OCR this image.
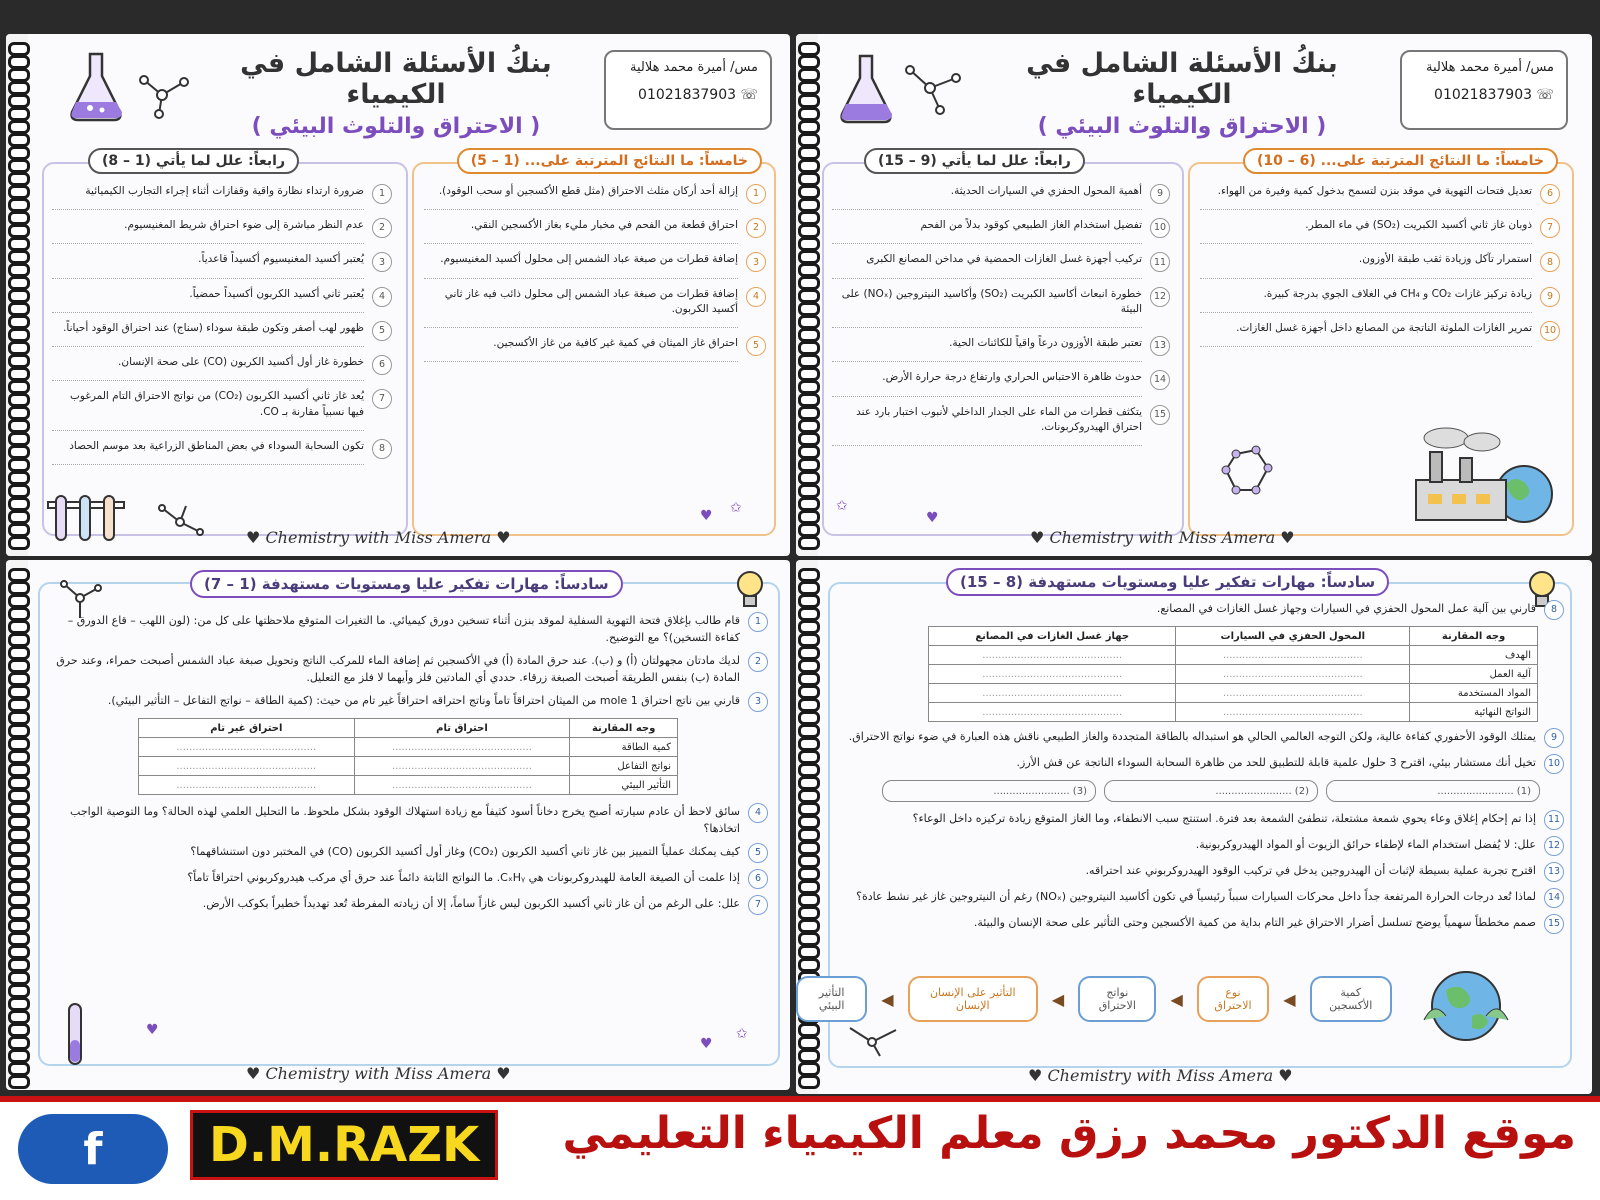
مس/ أميرة محمد هلالية
☏ 01021837903
بنكُ الأسئلة الشامل في الكيمياء
( الاحتراق والتلوث البيئي )
خامساً: ما النتائج المترتبة على... (1 – 5)
1
إزالة أحد أركان مثلث الاحتراق (مثل قطع الأكسجين أو سحب الوقود).
2
احتراق قطعة من الفحم في مخبار مليء بغاز الأكسجين النقي.
3
إضافة قطرات من صبغة عباد الشمس إلى محلول أكسيد المغنيسيوم.
4
إضافة قطرات من صبغة عباد الشمس إلى محلول ذائب فيه غاز ثاني أكسيد الكربون.
5
احتراق غاز الميثان في كمية غير كافية من غاز الأكسجين.
رابعاً: علل لما يأتي (1 – 8)
1
ضرورة ارتداء نظارة واقية وقفازات أثناء إجراء التجارب الكيميائية
2
عدم النظر مباشرة إلى ضوء احتراق شريط المغنيسيوم.
3
يُعتبر أكسيد المغنيسيوم أكسيداً قاعدياً.
4
يُعتبر ثاني أكسيد الكربون أكسيداً حمضياً.
5
ظهور لهب أصفر وتكون طبقة سوداء (سناج) عند احتراق الوقود أحياناً.
6
خطورة غاز أول أكسيد الكربون (CO) على صحة الإنسان.
7
يُعد غاز ثاني أكسيد الكربون (CO₂) من نواتج الاحتراق التام المرغوب فيها نسبياً مقارنة بـ CO.
8
تكون السحابة السوداء في بعض المناطق الزراعية بعد موسم الحصاد
♥ ✩
♥ Chemistry with Miss Amera ♥
مس/ أميرة محمد هلالية
☏ 01021837903
بنكُ الأسئلة الشامل في الكيمياء
( الاحتراق والتلوث البيئي )
خامساً: ما النتائج المترتبة على... (6 – 10)
6
تعديل فتحات التهوية في موقد بنزن لتسمح بدخول كمية وفيرة من الهواء.
7
ذوبان غاز ثاني أكسيد الكبريت (SO₂) في ماء المطر.
8
استمرار تآكل وزيادة ثقب طبقة الأوزون.
9
زيادة تركيز غازات CO₂ و CH₄ في الغلاف الجوي بدرجة كبيرة.
10
تمرير الغازات الملوثة الناتجة من المصانع داخل أجهزة غسل الغازات.
رابعاً: علل لما يأتي (9 – 15)
9
أهمية المحول الحفزي في السيارات الحديثة.
10
تفضيل استخدام الغاز الطبيعي كوقود بدلاً من الفحم
11
تركيب أجهزة غسل الغازات الحمضية في مداخن المصانع الكبرى
12
خطورة انبعاث أكاسيد الكبريت (SO₂) وأكاسيد النيتروجين (NOₓ) على البيئة
13
تعتبر طبقة الأوزون درعاً واقياً للكائنات الحية.
14
حدوث ظاهرة الاحتباس الحراري وارتفاع درجة حرارة الأرض.
15
يتكثف قطرات من الماء على الجدار الداخلي لأنبوب اختبار بارد عند احتراق الهيدروكربونات.
✩
♥
♥ Chemistry with Miss Amera ♥
سادساً: مهارات تفكير عليا ومستويات مستهدفة (1 – 7)
1
قام طالب بإغلاق فتحة التهوية السفلية لموقد بنزن أثناء تسخين دورق كيميائي. ما التغيرات المتوقع ملاحظتها على كل من: (لون اللهب – قاع الدورق – كفاءة التسخين)؟ مع التوضيح.
2
لديك مادتان مجهولتان (أ) و (ب). عند حرق المادة (أ) في الأكسجين ثم إضافة الماء للمركب الناتج وتحويل صبغة عباد الشمس أصبحت حمراء، وعند حرق المادة (ب) بنفس الطريقة أصبحت الصبغة زرقاء. حددي أي المادتين فلز وأيهما لا فلز مع التعليل.
3
قارني بين ناتج احتراق 1 mole من الميثان احتراقاً تاماً وناتج احتراقه احتراقاً غير تام من حيث: (كمية الطاقة – نواتج التفاعل – التأثير البيئي).
وجه المقارنة	احتراق تام	احتراق غير تام
كمية الطاقة	............................................	............................................
نواتج التفاعل	............................................	............................................
التأثير البيئي	............................................	............................................
4
سائق لاحظ أن عادم سيارته أصبح يخرج دخاناً أسود كثيفاً مع زيادة استهلاك الوقود بشكل ملحوظ. ما التحليل العلمي لهذه الحالة؟ وما التوصية الواجب اتخاذها؟
5
كيف يمكنك عملياً التمييز بين غاز ثاني أكسيد الكربون (CO₂) وغاز أول أكسيد الكربون (CO) في المختبر دون استنشاقهما؟
6
إذا علمت أن الصيغة العامة للهيدروكربونات هي CₓHᵧ. ما النواتج الثابتة دائماً عند حرق أي مركب هيدروكربوني احتراقاً تاماً؟
7
علل: على الرغم من أن غاز ثاني أكسيد الكربون ليس غازاً ساماً، إلا أن زيادته المفرطة تُعد تهديداً خطيراً بكوكب الأرض.
♥
♥
✩
♥ Chemistry with Miss Amera ♥
سادساً: مهارات تفكير عليا ومستويات مستهدفة (8 – 15)
8
قارني بين آلية عمل المحول الحفزي في السيارات وجهاز غسل الغازات في المصانع.
وجه المقارنة	المحول الحفزي في السيارات	جهاز غسل الغازات في المصانع
الهدف	............................................	............................................
آلية العمل	............................................	............................................
المواد المستخدمة	............................................	............................................
النواتج النهائية	............................................	............................................
9
يمتلك الوقود الأحفوري كفاءة عالية، ولكن التوجه العالمي الحالي هو استبداله بالطاقة المتجددة والغاز الطبيعي ناقش هذه العبارة في ضوء نواتج الاحتراق.
10
تخيل أنك مستشار بيئي، اقترح 3 حلول علمية قابلة للتطبيق للحد من ظاهرة السحابة السوداء الناتجة عن قش الأرز.
(1) ........................
(2) ........................
(3) ........................
11
إذا تم إحكام إغلاق وعاء يحوي شمعة مشتعلة، تنطفئ الشمعة بعد فترة. استنتج سبب الانطفاء، وما الغاز المتوقع زيادة تركيزه داخل الوعاء؟
12
علل: لا يُفضل استخدام الماء لإطفاء حرائق الزيوت أو المواد الهيدروكربونية.
13
اقترح تجربة عملية بسيطة لإثبات أن الهيدروجين يدخل في تركيب الوقود الهيدروكربوني عند احتراقه.
14
لماذا تُعد درجات الحرارة المرتفعة جداً داخل محركات السيارات سبباً رئيسياً في تكون أكاسيد النيتروجين (NOₓ) رغم أن النيتروجين غاز غير نشط عادة؟
15
صمم مخططاً سهمياً يوضح تسلسل أضرار الاحتراق غير التام بداية من كمية الأكسجين وحتى التأثير على صحة الإنسان والبيئة.
كمية الأكسجين
◀
نوع الاحتراق
◀
نواتج الاحتراق
◀
التأثير على الإنسان الإنسان
◀
التأثير البيئي
♥ Chemistry with Miss Amera ♥
f	D.M.RAZK	موقع الدكتور محمد رزق معلم الكيمياء التعليمي
